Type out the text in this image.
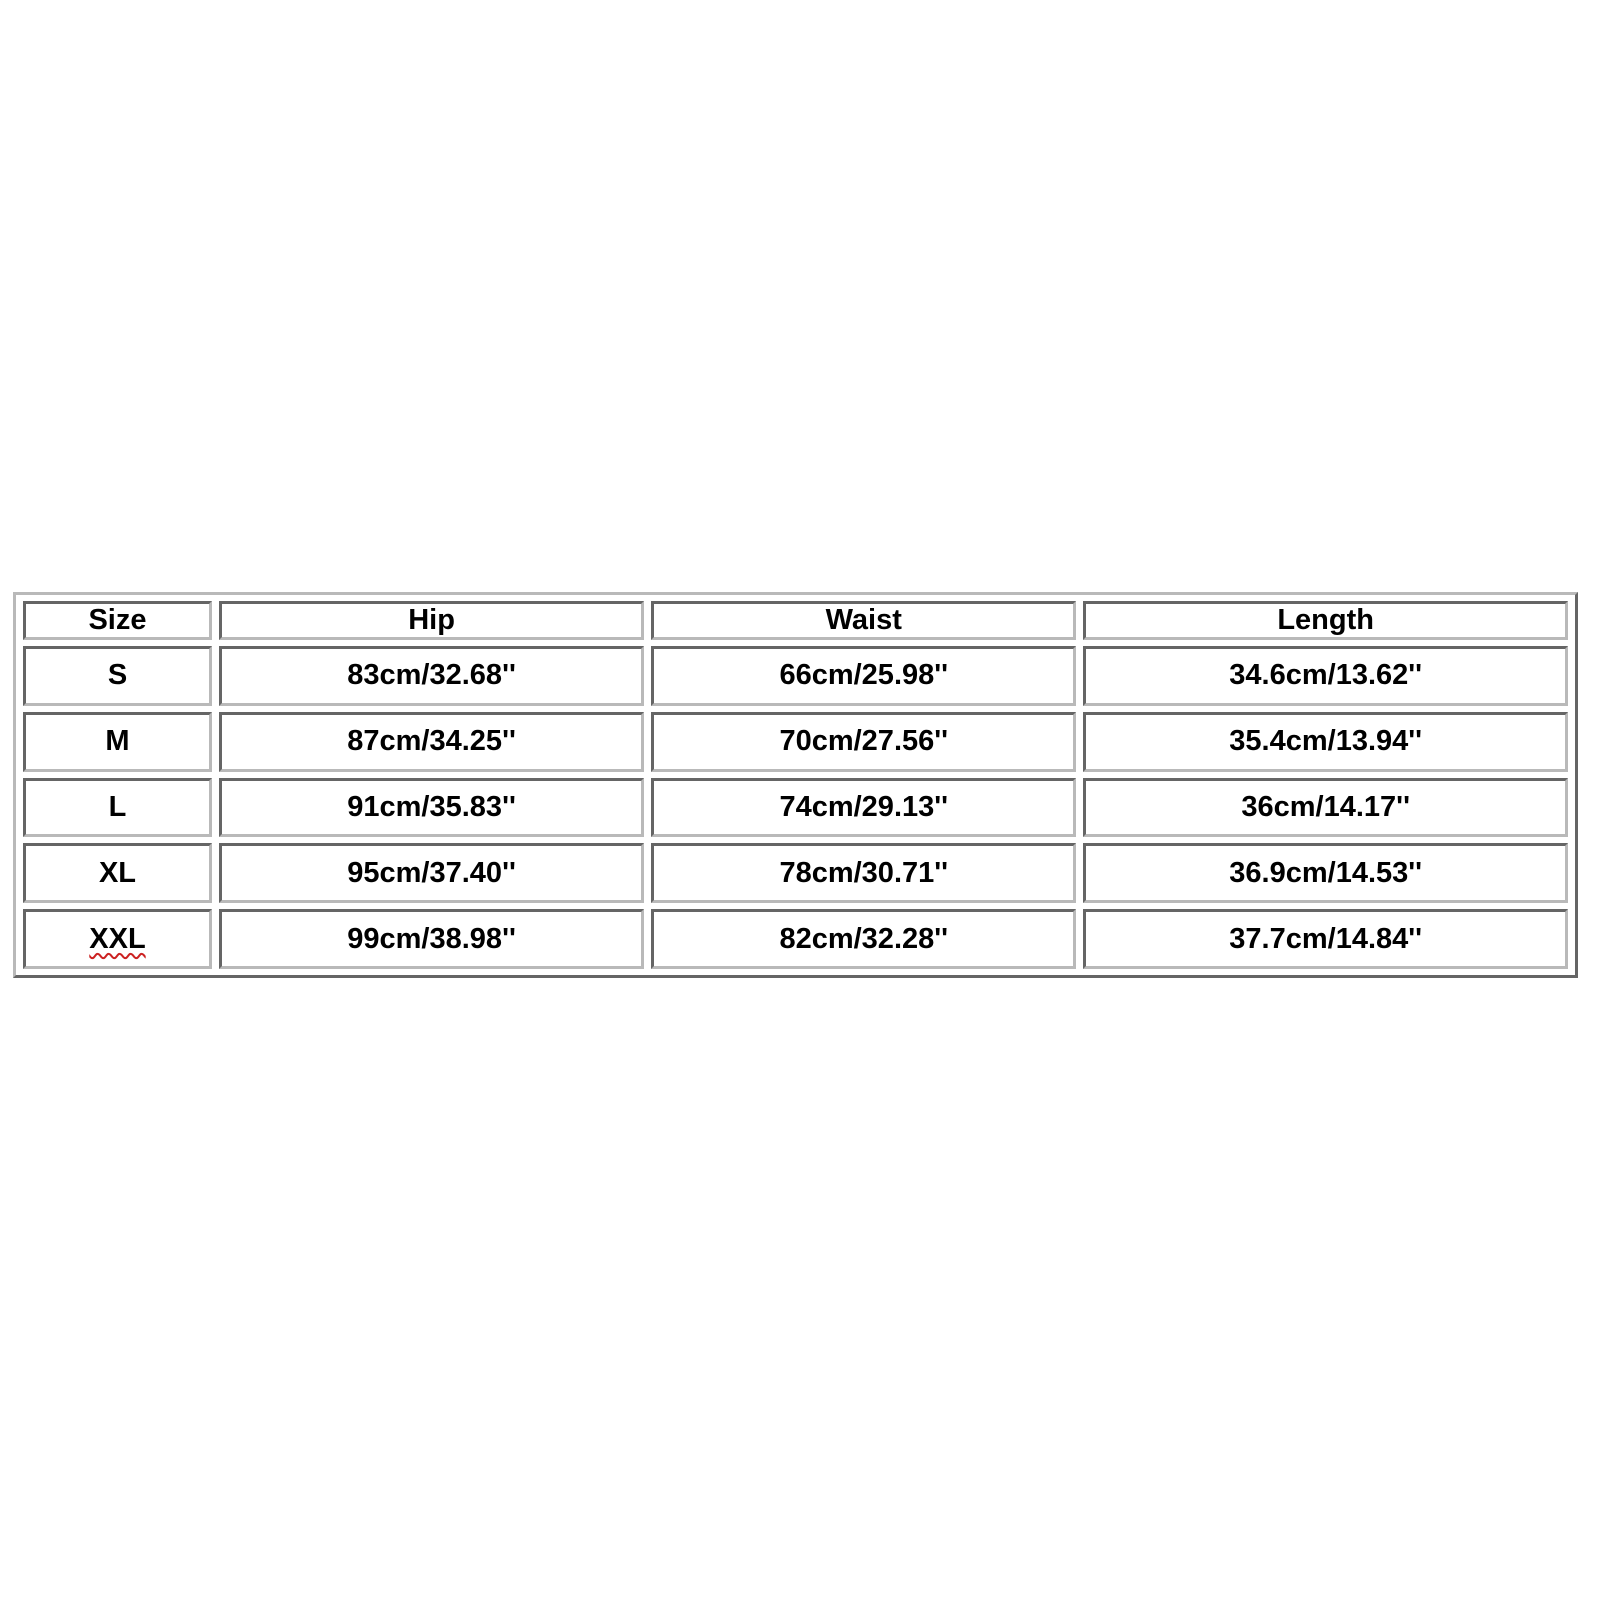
Size	Hip	Waist	Length
S	83cm/32.68''	66cm/25.98''	34.6cm/13.62''
M	87cm/34.25''	70cm/27.56''	35.4cm/13.94''
L	91cm/35.83''	74cm/29.13''	36cm/14.17''
XL	95cm/37.40''	78cm/30.71''	36.9cm/14.53''
XXL	99cm/38.98''	82cm/32.28''	37.7cm/14.84''
